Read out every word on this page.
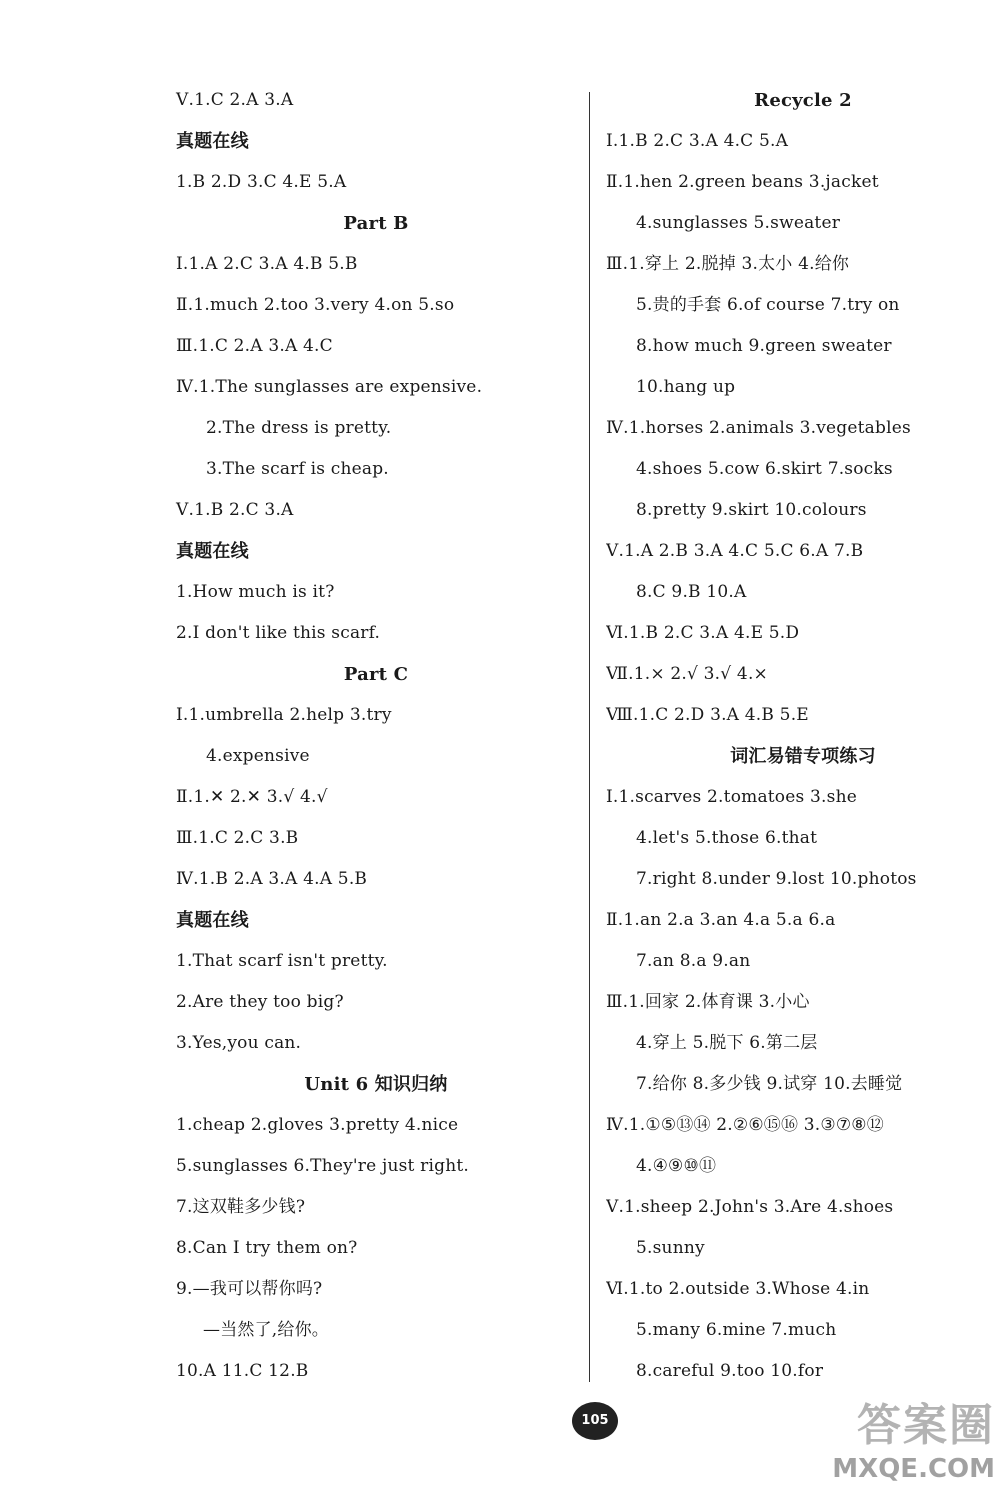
Ⅴ.1.C 2.A 3.A
真题在线
1.B 2.D 3.C 4.E 5.A
Part B
Ⅰ.1.A 2.C 3.A 4.B 5.B
Ⅱ.1.much 2.too 3.very 4.on 5.so
Ⅲ.1.C 2.A 3.A 4.C
Ⅳ.1.The sunglasses are expensive.
2.The dress is pretty.
3.The scarf is cheap.
Ⅴ.1.B 2.C 3.A
真题在线
1.How much is it?
2.I don't like this scarf.
Part C
Ⅰ.1.umbrella 2.help 3.try
4.expensive
Ⅱ.1.✕ 2.✕ 3.√ 4.√
Ⅲ.1.C 2.C 3.B
Ⅳ.1.B 2.A 3.A 4.A 5.B
真题在线
1.That scarf isn't pretty.
2.Are they too big?
3.Yes,you can.
Unit 6 知识归纳
1.cheap 2.gloves 3.pretty 4.nice
5.sunglasses 6.They're just right.
7.这双鞋多少钱?
8.Can I try them on?
9.—我可以帮你吗?
—当然了,给你。
10.A 11.C 12.B
Recycle 2
Ⅰ.1.B 2.C 3.A 4.C 5.A
Ⅱ.1.hen 2.green beans 3.jacket
4.sunglasses 5.sweater
Ⅲ.1.穿上 2.脱掉 3.太小 4.给你
5.贵的手套 6.of course 7.try on
8.how much 9.green sweater
10.hang up
Ⅳ.1.horses 2.animals 3.vegetables
4.shoes 5.cow 6.skirt 7.socks
8.pretty 9.skirt 10.colours
Ⅴ.1.A 2.B 3.A 4.C 5.C 6.A 7.B
8.C 9.B 10.A
Ⅵ.1.B 2.C 3.A 4.E 5.D
Ⅶ.1.× 2.√ 3.√ 4.×
Ⅷ.1.C 2.D 3.A 4.B 5.E
词汇易错专项练习
Ⅰ.1.scarves 2.tomatoes 3.she
4.let's 5.those 6.that
7.right 8.under 9.lost 10.photos
Ⅱ.1.an 2.a 3.an 4.a 5.a 6.a
7.an 8.a 9.an
Ⅲ.1.回家 2.体育课 3.小心
4.穿上 5.脱下 6.第二层
7.给你 8.多少钱 9.试穿 10.去睡觉
Ⅳ.1.①⑤⑬⑭ 2.②⑥⑮⑯ 3.③⑦⑧⑫
4.④⑨⑩⑪
Ⅴ.1.sheep 2.John's 3.Are 4.shoes
5.sunny
Ⅵ.1.to 2.outside 3.Whose 4.in
5.many 6.mine 7.much
8.careful 9.too 10.for
105	答案圈
MXQE.COM
